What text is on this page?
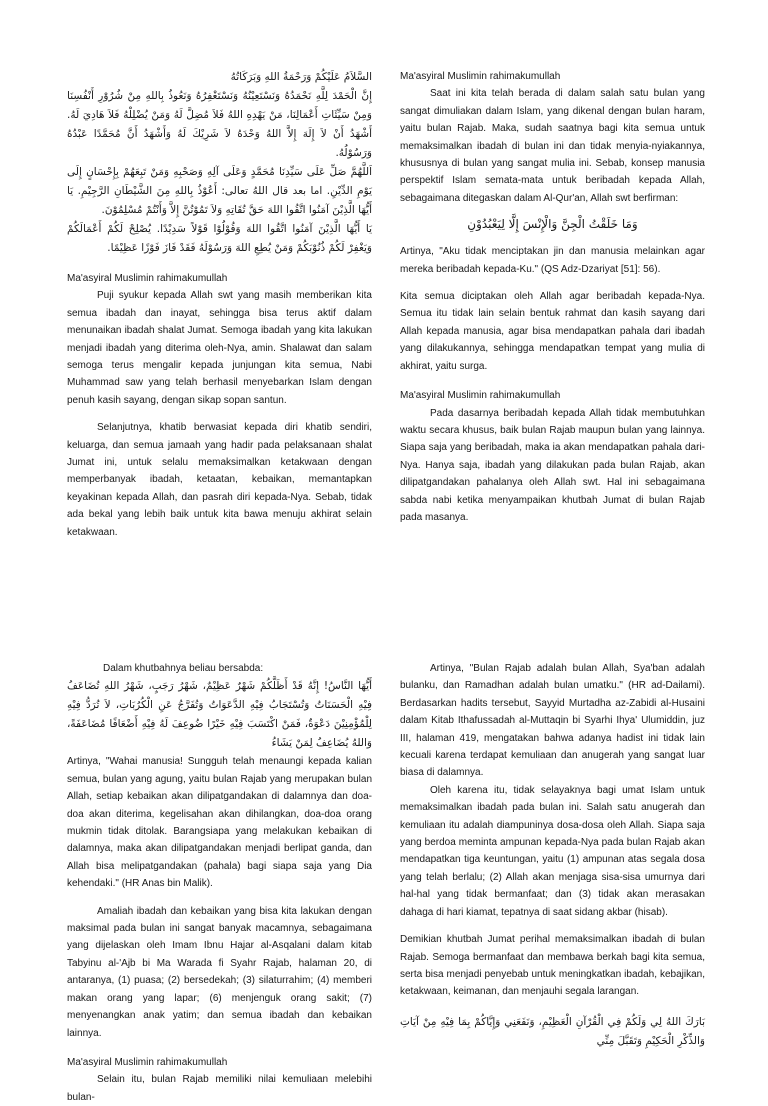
السَّلاَمُ عَلَيْكُمْ وَرَحْمَةُ اللهِ وَبَرَكَاتُهُ

إِنَّ الْحَمْدَ لِلَّهِ نَحْمَدُهُ وَنَسْتَعِيْنُهُ وَنَسْتَغْفِرُهُ وَنَعُوذُ بِاللهِ مِنْ شُرُوْرِ أَنْفُسِنَا وَمِنْ سَيِّئَاتِ أَعْمَالِنَا، مَنْ يَهْدِهِ اللهُ فَلاَ مُضِلَّ لَهُ وَمَنْ يُضْلِلْهُ فَلاَ هَادِيَ لَهُ. أَشْهَدُ أَنْ لاَ إِلَهَ إِلاَّ اللهُ وَحْدَهُ لاَ شَرِيْكَ لَهُ وَأَشْهَدُ أَنَّ مُحَمَّدًا عَبْدُهُ وَرَسُوْلُهُ.

اَللَّهُمَّ صَلِّ عَلَى سَيِّدِنَا مُحَمَّدٍ وَعَلَى آلِهِ وَصَحْبِهِ وَمَنْ تَبِعَهُمْ بِإِحْسَانٍ إِلَى يَوْمِ الدِّيْنِ. اما بعد قال اللهُ تعالى: أَعُوْذُ بِاللهِ مِنَ الشَّيْطَانِ الرَّجِيْمِ. يَا أَيُّهَا الَّذِيْنَ آمَنُوا اتَّقُوا اللهَ حَقَّ تُقَاتِهِ وَلاَ تَمُوْتُنَّ إِلاَّ وَأَنْتُمْ مُسْلِمُوْنَ.

يَا أَيُّهَا الَّذِيْنَ آمَنُوا اتَّقُوا اللهَ وَقُوْلُوْا قَوْلاً سَدِيْدًا. يُصْلِحْ لَكُمْ أَعْمَالَكُمْ وَيَغْفِرْ لَكُمْ ذُنُوْبَكُمْ وَمَنْ يُطِعِ اللهَ وَرَسُوْلَهُ فَقَدْ فَازَ فَوْزًا عَظِيْمًا.

Ma'asyiral Muslimin rahimakumullah

Puji syukur kepada Allah swt yang masih memberikan kita semua ibadah dan inayat, sehingga bisa terus aktif dalam menunaikan ibadah shalat Jumat. Semoga ibadah yang kita lakukan menjadi ibadah yang diterima oleh-Nya, amin. Shalawat dan salam semoga terus mengalir kepada junjungan kita semua, Nabi Muhammad saw yang telah berhasil menyebarkan Islam dengan penuh kasih sayang, dengan sikap sopan santun.

Selanjutnya, khatib berwasiat kepada diri khatib sendiri, keluarga, dan semua jamaah yang hadir pada pelaksanaan shalat Jumat ini, untuk selalu memaksimalkan ketakwaan dengan memperbanyak ibadah, ketaatan, kebaikan, memantapkan keyakinan kepada Allah, dan pasrah diri kepada-Nya. Sebab, tidak ada bekal yang lebih baik untuk kita bawa menuju akhirat selain ketakwaan.

Ma'asyiral Muslimin rahimakumullah

Saat ini kita telah berada di dalam salah satu bulan yang sangat dimuliakan dalam Islam, yang dikenal dengan bulan haram, yaitu bulan Rajab. Maka, sudah saatnya bagi kita semua untuk memaksimalkan ibadah di bulan ini dan tidak menyia-nyiakannya, khususnya di bulan yang sangat mulia ini. Sebab, konsep manusia perspektif Islam semata-mata untuk beribadah kepada Allah, sebagaimana ditegaskan dalam Al-Qur'an, Allah swt berfirman:

وَمَا خَلَقْتُ الْجِنَّ وَالْإِنْسَ إِلَّا لِيَعْبُدُوْنِ

Artinya, "Aku tidak menciptakan jin dan manusia melainkan agar mereka beribadah kepada-Ku." (QS Adz-Dzariyat [51]: 56).

Kita semua diciptakan oleh Allah agar beribadah kepada-Nya. Semua itu tidak lain selain bentuk rahmat dan kasih sayang dari Allah kepada manusia, agar bisa mendapatkan pahala dari ibadah yang dilakukannya, sehingga mendapatkan tempat yang mulia di akhirat, yaitu surga.

Ma'asyiral Muslimin rahimakumullah

Pada dasarnya beribadah kepada Allah tidak membutuhkan waktu secara khusus, baik bulan Rajab maupun bulan yang lainnya. Siapa saja yang beribadah, maka ia akan mendapatkan pahala dari-Nya. Hanya saja, ibadah yang dilakukan pada bulan Rajab, akan dilipatgandakan pahalanya oleh Allah swt. Hal ini sebagaimana sabda nabi ketika menyampaikan khutbah Jumat di bulan Rajab pada masanya.

Dalam khutbahnya beliau bersabda:

أَيُّهَا النَّاسُ! إِنَّهُ قَدْ أَظَلَّكُمْ شَهْرٌ عَظِيْمٌ، شَهْرُ رَجَبٍ، شَهْرُ اللهِ تُضَاعَفُ فِيْهِ الْحَسَنَاتُ وَتُسْتَجَابُ فِيْهِ الدَّعَوَاتُ وَتُفَرَّجُ عَنِ الْكُرُبَاتِ، لاَ تُرَدُّ فِيْهِ لِلْمُؤْمِنِيْنَ دَعْوَةٌ، فَمَنْ اكْتَسَبَ فِيْهِ خَيْرًا ضُوعِفَ لَهُ فِيْهِ أَضْعَافًا مُضَاعَفَةً، وَاللهُ يُضَاعِفُ لِمَنْ يَشَاءُ

Artinya, "Wahai manusia! Sungguh telah menaungi kepada kalian semua, bulan yang agung, yaitu bulan Rajab yang merupakan bulan Allah, setiap kebaikan akan dilipatgandakan di dalamnya dan doa-doa akan diterima, kegelisahan akan dihilangkan, doa-doa orang mukmin tidak ditolak. Barangsiapa yang melakukan kebaikan di dalamnya, maka akan dilipatgandakan menjadi berlipat ganda, dan Allah bisa melipatgandakan (pahala) bagi siapa saja yang Dia kehendaki." (HR Anas bin Malik).

Amaliah ibadah dan kebaikan yang bisa kita lakukan dengan maksimal pada bulan ini sangat banyak macamnya, sebagaimana yang dijelaskan oleh Imam Ibnu Hajar al-Asqalani dalam kitab Tabyinu al-'Ajb bi Ma Warada fi Syahr Rajab, halaman 20, di antaranya, (1) puasa; (2) bersedekah; (3) silaturrahim; (4) memberi makan orang yang lapar; (6) menjenguk orang sakit; (7) menyenangkan anak yatim; dan semua ibadah dan kebaikan lainnya.

Ma'asyiral Muslimin rahimakumullah

Selain itu, bulan Rajab memiliki nilai kemuliaan melebihi bulan-

Artinya, "Bulan Rajab adalah bulan Allah, Sya'ban adalah bulanku, dan Ramadhan adalah bulan umatku." (HR ad-Dailami). Berdasarkan hadits tersebut, Sayyid Murtadha az-Zabidi al-Husaini dalam Kitab Ithafussadah al-Muttaqin bi Syarhi Ihya' Ulumiddin, juz III, halaman 419, mengatakan bahwa adanya hadist ini tidak lain kecuali karena terdapat kemuliaan dan anugerah yang sangat luar biasa di dalamnya.

Oleh karena itu, tidak selayaknya bagi umat Islam untuk memaksimalkan ibadah pada bulan ini. Salah satu anugerah dan kemuliaan itu adalah diampuninya dosa-dosa oleh Allah. Siapa saja yang berdoa meminta ampunan kepada-Nya pada bulan Rajab akan mendapatkan tiga keuntungan, yaitu (1) ampunan atas segala dosa yang telah berlalu; (2) Allah akan menjaga sisa-sisa umurnya dari hal-hal yang tidak bermanfaat; dan (3) tidak akan merasakan dahaga di hari kiamat, tepatnya di saat sidang akbar (hisab).

Demikian khutbah Jumat perihal memaksimalkan ibadah di bulan Rajab. Semoga bermanfaat dan membawa berkah bagi kita semua, serta bisa menjadi penyebab untuk meningkatkan ibadah, kebajikan, ketakwaan, keimanan, dan menjauhi segala larangan.

بَارَكَ اللهُ لِي وَلَكُمْ فِي الْقُرْآنِ الْعَظِيْمِ، وَنَفَعَنِي وَإِيَّاكُمْ بِمَا فِيْهِ مِنْ آيَاتِ وَالذِّكْرِ الْحَكِيْمِ وَتَقَبَّلَ مِنِّي
